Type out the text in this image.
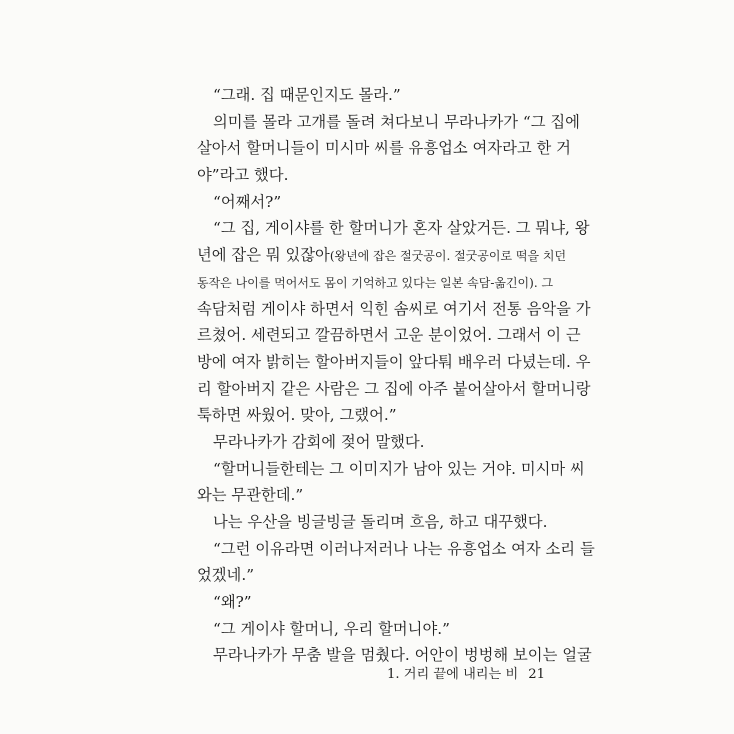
“그래. 집 때문인지도 몰라.”
의미를 몰라 고개를 돌려 쳐다보니 무라나카가 “그 집에
살아서 할머니들이 미시마 씨를 유흥업소 여자라고 한 거
야”라고 했다.
“어째서?”
“그 집, 게이샤를 한 할머니가 혼자 살았거든. 그 뭐냐, 왕
년에 잡은 뭐 있잖아(왕년에 잡은 절굿공이. 절굿공이로 떡을 치던
동작은 나이를 먹어서도 몸이 기억하고 있다는 일본 속담-옮긴이). 그
속담처럼 게이샤 하면서 익힌 솜씨로 여기서 전통 음악을 가
르쳤어. 세련되고 깔끔하면서 고운 분이었어. 그래서 이 근
방에 여자 밝히는 할아버지들이 앞다퉈 배우러 다녔는데. 우
리 할아버지 같은 사람은 그 집에 아주 붙어살아서 할머니랑
툭하면 싸웠어. 맞아, 그랬어.”
무라나카가 감회에 젖어 말했다.
“할머니들한테는 그 이미지가 남아 있는 거야. 미시마 씨
와는 무관한데.”
나는 우산을 빙글빙글 돌리며 흐음, 하고 대꾸했다.
“그런 이유라면 이러나저러나 나는 유흥업소 여자 소리 들
었겠네.”
“왜?”
“그 게이샤 할머니, 우리 할머니야.”
무라나카가 무춤 발을 멈췄다. 어안이 벙벙해 보이는 얼굴
1. 거리 끝에 내리는 비 21
